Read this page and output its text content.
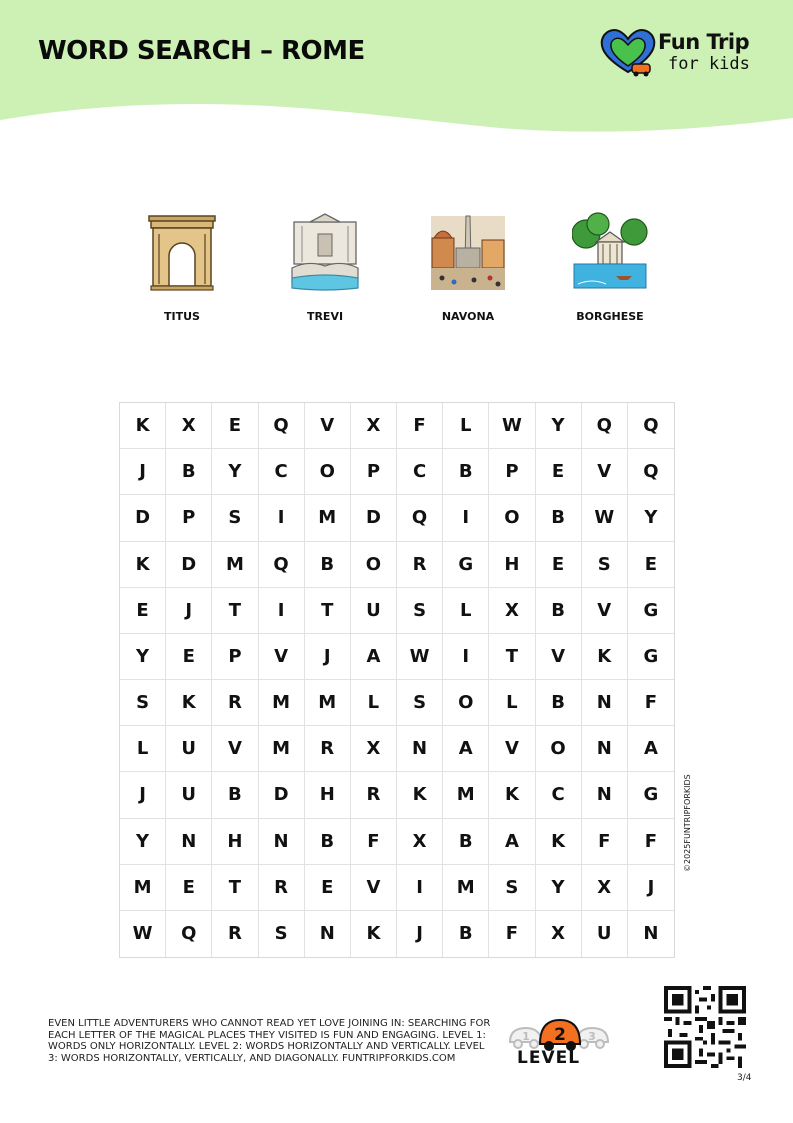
WORD SEARCH – ROME	Fun Trip
for kids
TITUS	TREVI	NAVONA	BORGHESE
K	X	E	Q	V	X	F	L	W	Y	Q	Q
J	B	Y	C	O	P	C	B	P	E	V	Q
D	P	S	I	M	D	Q	I	O	B	W	Y
K	D	M	Q	B	O	R	G	H	E	S	E
E	J	T	I	T	U	S	L	X	B	V	G
Y	E	P	V	J	A	W	I	T	V	K	G
S	K	R	M	M	L	S	O	L	B	N	F
L	U	V	M	R	X	N	A	V	O	N	A
J	U	B	D	H	R	K	M	K	C	N	G
Y	N	H	N	B	F	X	B	A	K	F	F
M	E	T	R	E	V	I	M	S	Y	X	J
W	Q	R	S	N	K	J	B	F	X	U	N
©2025FUNTRIPFORKIDS

EVEN LITTLE ADVENTURERS WHO CANNOT READ YET LOVE JOINING IN: SEARCHING FOR EACH LETTER OF THE MAGICAL PLACES THEY VISITED IS FUN AND ENGAGING. LEVEL 1: WORDS ONLY HORIZONTALLY. LEVEL 2: WORDS HORIZONTALLY AND VERTICALLY. LEVEL 3: WORDS HORIZONTALLY, VERTICALLY, AND DIAGONALLY. FUNTRIPFORKIDS.COM

1	3
2
LEVEL
3/4
